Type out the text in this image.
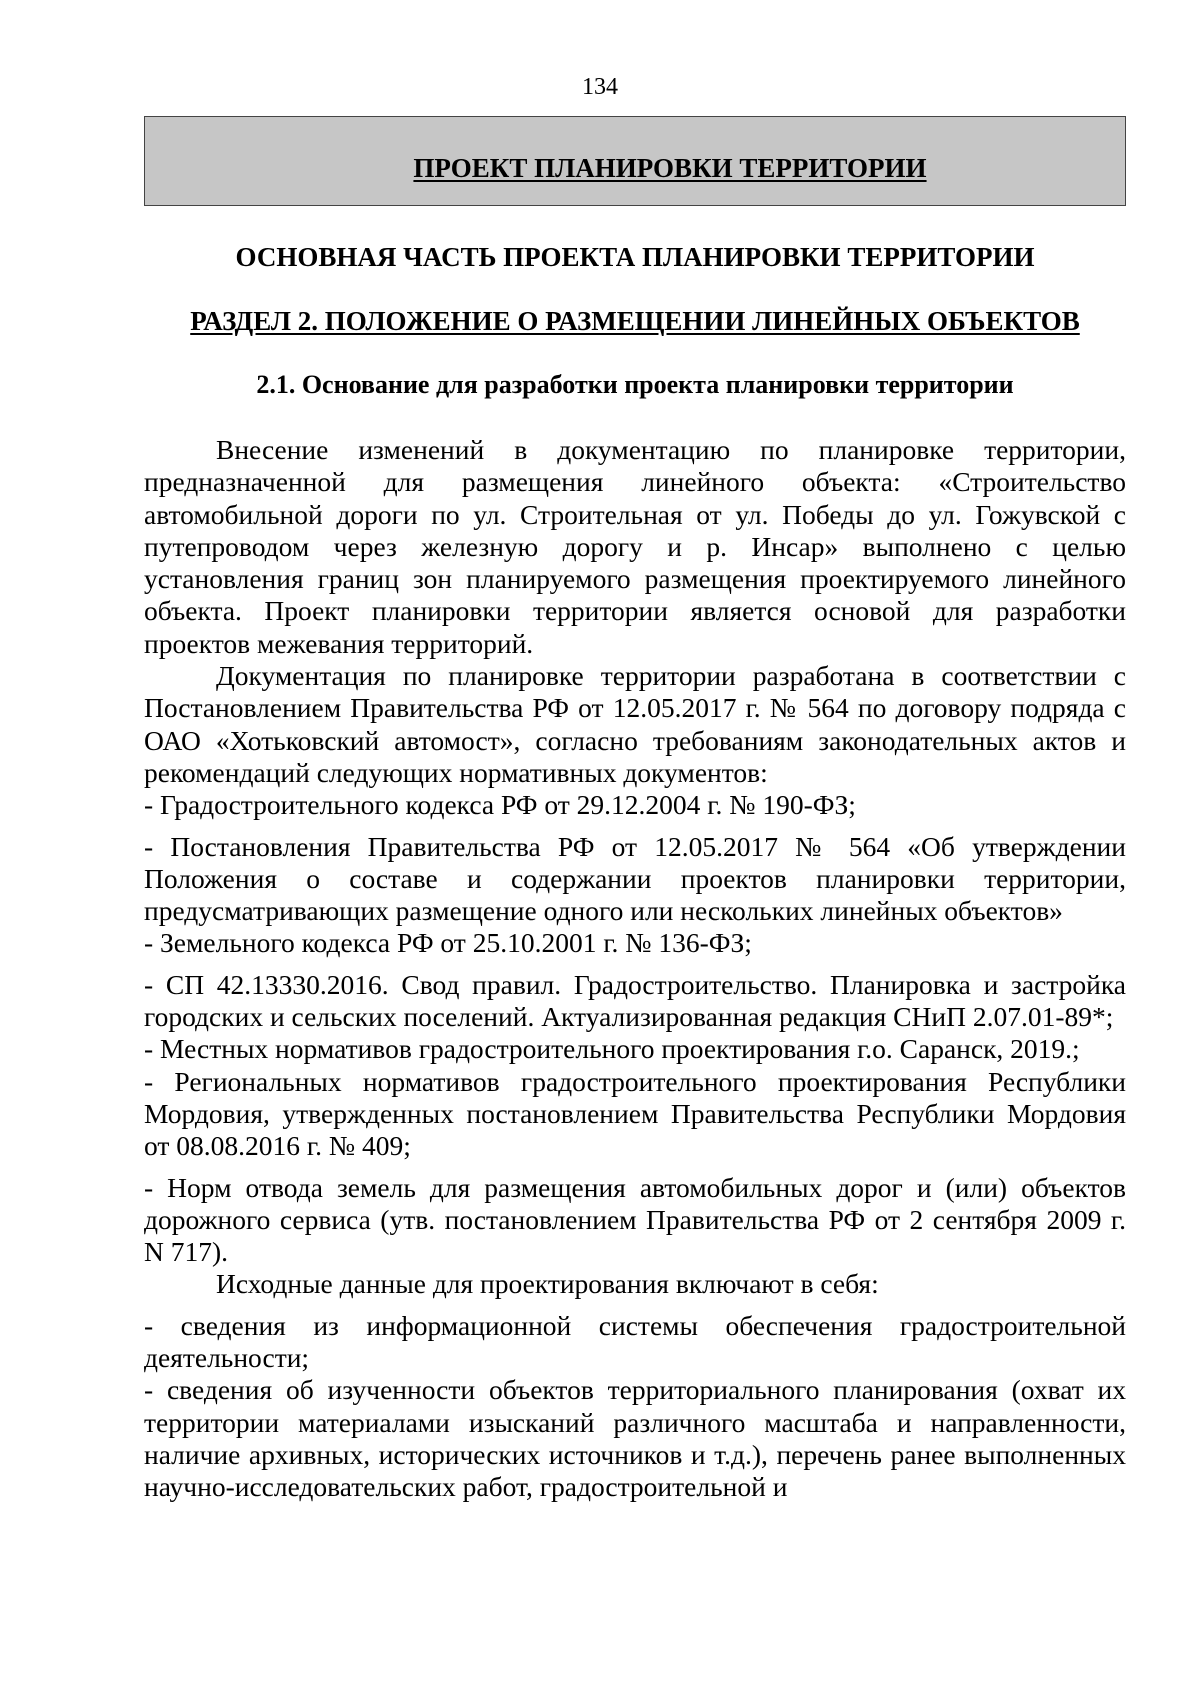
134
ПРОЕКТ ПЛАНИРОВКИ ТЕРРИТОРИИ
ОСНОВНАЯ ЧАСТЬ ПРОЕКТА ПЛАНИРОВКИ ТЕРРИТОРИИ
РАЗДЕЛ 2. ПОЛОЖЕНИЕ О РАЗМЕЩЕНИИ ЛИНЕЙНЫХ ОБЪЕКТОВ
2.1. Основание для разработки проекта планировки территории

Внесение изменений в документацию по планировке территории, предназначенной для размещения линейного объекта: «Строительство автомобильной дороги по ул. Строительная от ул. Победы до ул. Гожувской с путепроводом через железную дорогу и р. Инсар» выполнено с целью установления границ зон планируемого размещения проектируемого линейного объекта. Проект планировки территории является основой для разработки проектов межевания территорий.

Документация по планировке территории разработана в соответствии с Постановлением Правительства РФ от 12.05.2017 г. № 564 по договору подряда с ОАО «Хотьковский автомост», согласно требованиям законодательных актов и рекомендаций следующих нормативных документов:

- Градостроительного кодекса РФ от 29.12.2004 г. № 190-ФЗ;

- Постановления Правительства РФ от 12.05.2017 № 564 «Об утверждении Положения о составе и содержании проектов планировки территории, предусматривающих размещение одного или нескольких линейных объектов»

- Земельного кодекса РФ от 25.10.2001 г. № 136-ФЗ;

- СП 42.13330.2016. Свод правил. Градостроительство. Планировка и застройка городских и сельских поселений. Актуализированная редакция СНиП 2.07.01-89*;

- Местных нормативов градостроительного проектирования г.о. Саранск, 2019.;

- Региональных нормативов градостроительного проектирования Республики Мордовия, утвержденных постановлением Правительства Республики Мордовия от 08.08.2016 г. № 409;

- Норм отвода земель для размещения автомобильных дорог и (или) объектов дорожного сервиса (утв. постановлением Правительства РФ от 2 сентября 2009 г. N 717).

Исходные данные для проектирования включают в себя:

- сведения из информационной системы обеспечения градостроительной деятельности;

- сведения об изученности объектов территориального планирования (охват их территории материалами изысканий различного масштаба и направленности, наличие архивных, исторических источников и т.д.), перечень ранее выполненных научно-исследовательских работ, градостроительной и
